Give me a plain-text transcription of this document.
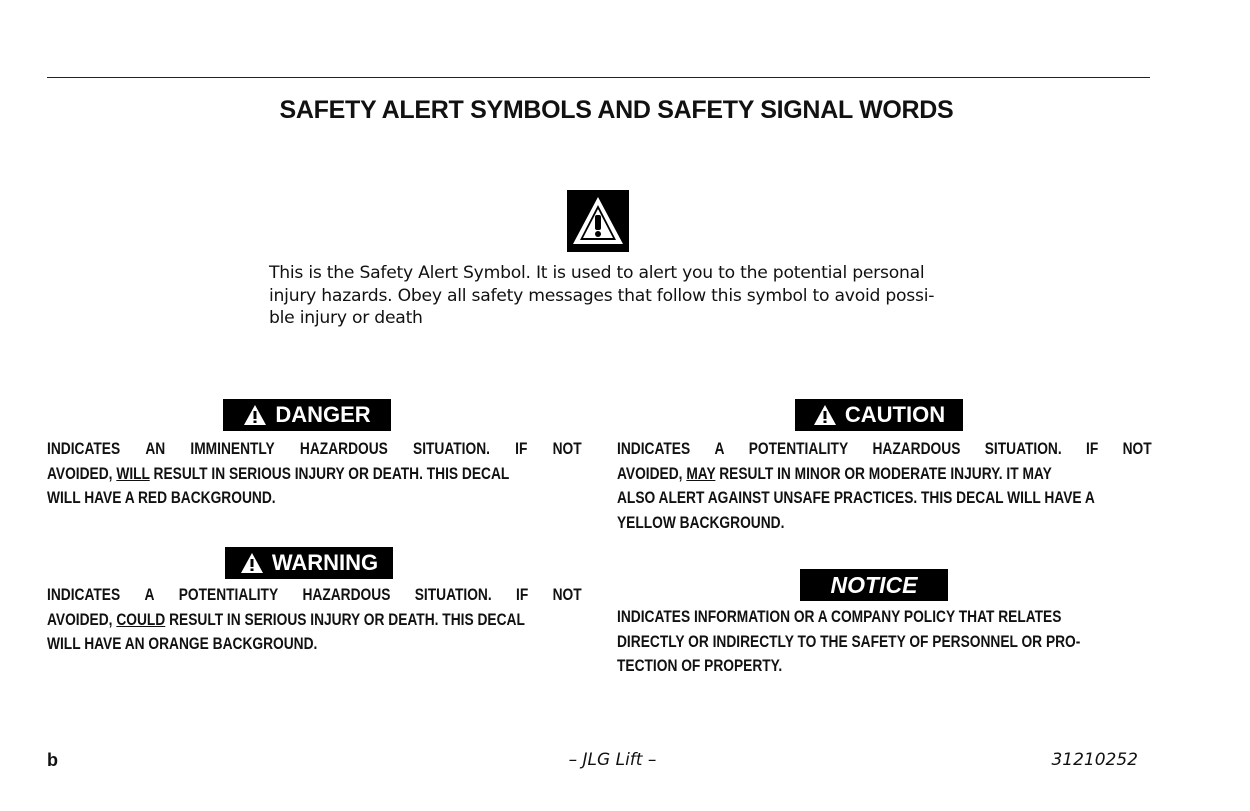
SAFETY ALERT SYMBOLS AND SAFETY SIGNAL WORDS
This is the Safety Alert Symbol. It is used to alert you to the potential personal
injury hazards. Obey all safety messages that follow this symbol to avoid possi-
ble injury or death
DANGER
INDICATES AN IMMINENTLY HAZARDOUS SITUATION. IF NOT
AVOIDED, WILL RESULT IN SERIOUS INJURY OR DEATH. THIS DECAL
WILL HAVE A RED BACKGROUND.
WARNING
INDICATES A POTENTIALITY HAZARDOUS SITUATION. IF NOT
AVOIDED, COULD RESULT IN SERIOUS INJURY OR DEATH. THIS DECAL
WILL HAVE AN ORANGE BACKGROUND.
CAUTION
INDICATES A POTENTIALITY HAZARDOUS SITUATION. IF NOT
AVOIDED, MAY RESULT IN MINOR OR MODERATE INJURY. IT MAY
ALSO ALERT AGAINST UNSAFE PRACTICES. THIS DECAL WILL HAVE A
YELLOW BACKGROUND.
NOTICE
INDICATES INFORMATION OR A COMPANY POLICY THAT RELATES
DIRECTLY OR INDIRECTLY TO THE SAFETY OF PERSONNEL OR PRO-
TECTION OF PROPERTY.
b	– JLG Lift –	31210252
